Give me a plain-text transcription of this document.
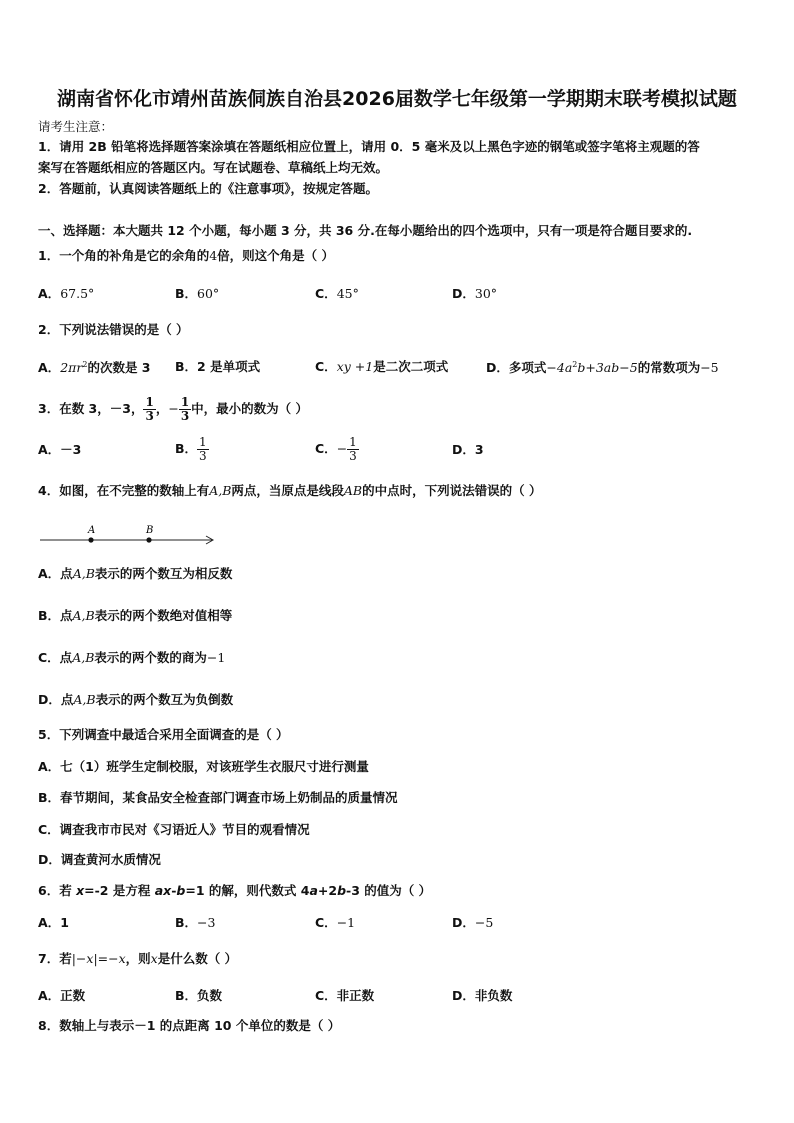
湖南省怀化市靖州苗族侗族自治县2026届数学七年级第一学期期末联考模拟试题
请考生注意：
1．请用 2B 铅笔将选择题答案涂填在答题纸相应位置上，请用 0．5 毫米及以上黑色字迹的钢笔或签字笔将主观题的答
案写在答题纸相应的答题区内。写在试题卷、草稿纸上均无效。
2．答题前，认真阅读答题纸上的《注意事项》，按规定答题。
一、选择题：本大题共 12 个小题，每小题 3 分，共 36 分.在每小题给出的四个选项中，只有一项是符合题目要求的.
1．一个角的补角是它的余角的4倍，则这个角是（ ）
A．67.5°	B．60°	C．45°	D．30°
2．下列说法错误的是（ ）
A．$2\pi r^2$的次数是 3 B．2 是单项式	C．xy +1是二次二项式	D．多项式$-4a^2b+3ab-5$的常数项为−5
3．在数 3，－3， $\frac{1}{3}$ ，− $\frac{1}{3}$ 中，最小的数为（ ）
A．－3	B． $\frac{1}{3}$	C．− $\frac{1}{3}$	D．3
4．如图，在不完整的数轴上有A,B两点，当原点是线段AB的中点时，下列说法错误的（ ）
A	B
A．点A,B表示的两个数互为相反数
B．点A,B表示的两个数绝对值相等
C．点A,B表示的两个数的商为−1
D．点A,B表示的两个数互为负倒数
5．下列调查中最适合采用全面调查的是（ ）
A．七（1）班学生定制校服，对该班学生衣服尺寸进行测量
B．春节期间，某食品安全检查部门调查市场上奶制品的质量情况
C．调查我市市民对《习语近人》节目的观看情况
D．调查黄河水质情况
6．若 x=-2 是方程 ax-b=1 的解，则代数式 4a+2b-3 的值为（ ）
A．1	B．−3	C．−1	D．−5
7．若|−x|=−x，则x是什么数（ ）
A．正数	B．负数	C．非正数	D．非负数
8．数轴上与表示－1 的点距离 10 个单位的数是（ ）
